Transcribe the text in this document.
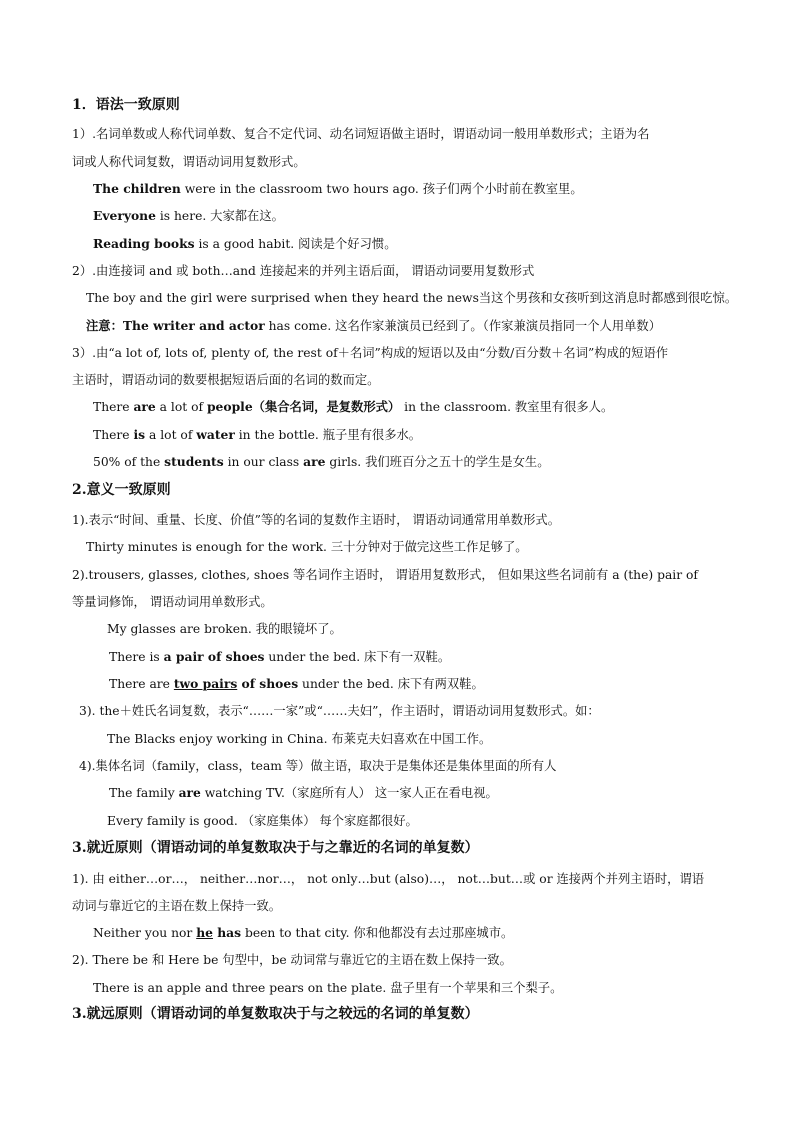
1．语法一致原则
1）.名词单数或人称代词单数、复合不定代词、动名词短语做主语时，谓语动词一般用单数形式；主语为名
词或人称代词复数，谓语动词用复数形式。
The children were in the classroom two hours ago. 孩子们两个小时前在教室里。
Everyone is here. 大家都在这。
Reading books is a good habit. 阅读是个好习惯。
2）.由连接词 and 或 both…and 连接起来的并列主语后面， 谓语动词要用复数形式
The boy and the girl were surprised when they heard the news当这个男孩和女孩听到这消息时都感到很吃惊。
注意：The writer and actor has come. 这名作家兼演员已经到了。（作家兼演员指同一个人用单数）
3）.由“a lot of, lots of, plenty of, the rest of＋名词”构成的短语以及由“分数/百分数＋名词”构成的短语作
主语时，谓语动词的数要根据短语后面的名词的数而定。
There are a lot of people（集合名词，是复数形式） in the classroom. 教室里有很多人。
There is a lot of water in the bottle. 瓶子里有很多水。
50% of the students in our class are girls. 我们班百分之五十的学生是女生。
2.意义一致原则
1).表示“时间、重量、长度、价值”等的名词的复数作主语时， 谓语动词通常用单数形式。
Thirty minutes is enough for the work. 三十分钟对于做完这些工作足够了。
2).trousers, glasses, clothes, shoes 等名词作主语时， 谓语用复数形式， 但如果这些名词前有 a (the) pair of
等量词修饰， 谓语动词用单数形式。
My glasses are broken. 我的眼镜坏了。
There is a pair of shoes under the bed. 床下有一双鞋。
There are two pairs of shoes under the bed. 床下有两双鞋。
3). the＋姓氏名词复数，表示“……一家”或“……夫妇”，作主语时，谓语动词用复数形式。如：
The Blacks enjoy working in China. 布莱克夫妇喜欢在中国工作。
4).集体名词（family，class，team 等）做主语，取决于是集体还是集体里面的所有人
The family are watching TV.（家庭所有人） 这一家人正在看电视。
Every family is good. （家庭集体） 每个家庭都很好。
3.就近原则（谓语动词的单复数取决于与之靠近的名词的单复数）
1). 由 either…or…， neither…nor…， not only…but (also)…， not…but…或 or 连接两个并列主语时，谓语
动词与靠近它的主语在数上保持一致。
Neither you nor he has been to that city. 你和他都没有去过那座城市。
2). There be 和 Here be 句型中，be 动词常与靠近它的主语在数上保持一致。
There is an apple and three pears on the plate. 盘子里有一个苹果和三个梨子。
3.就远原则（谓语动词的单复数取决于与之较远的名词的单复数）
